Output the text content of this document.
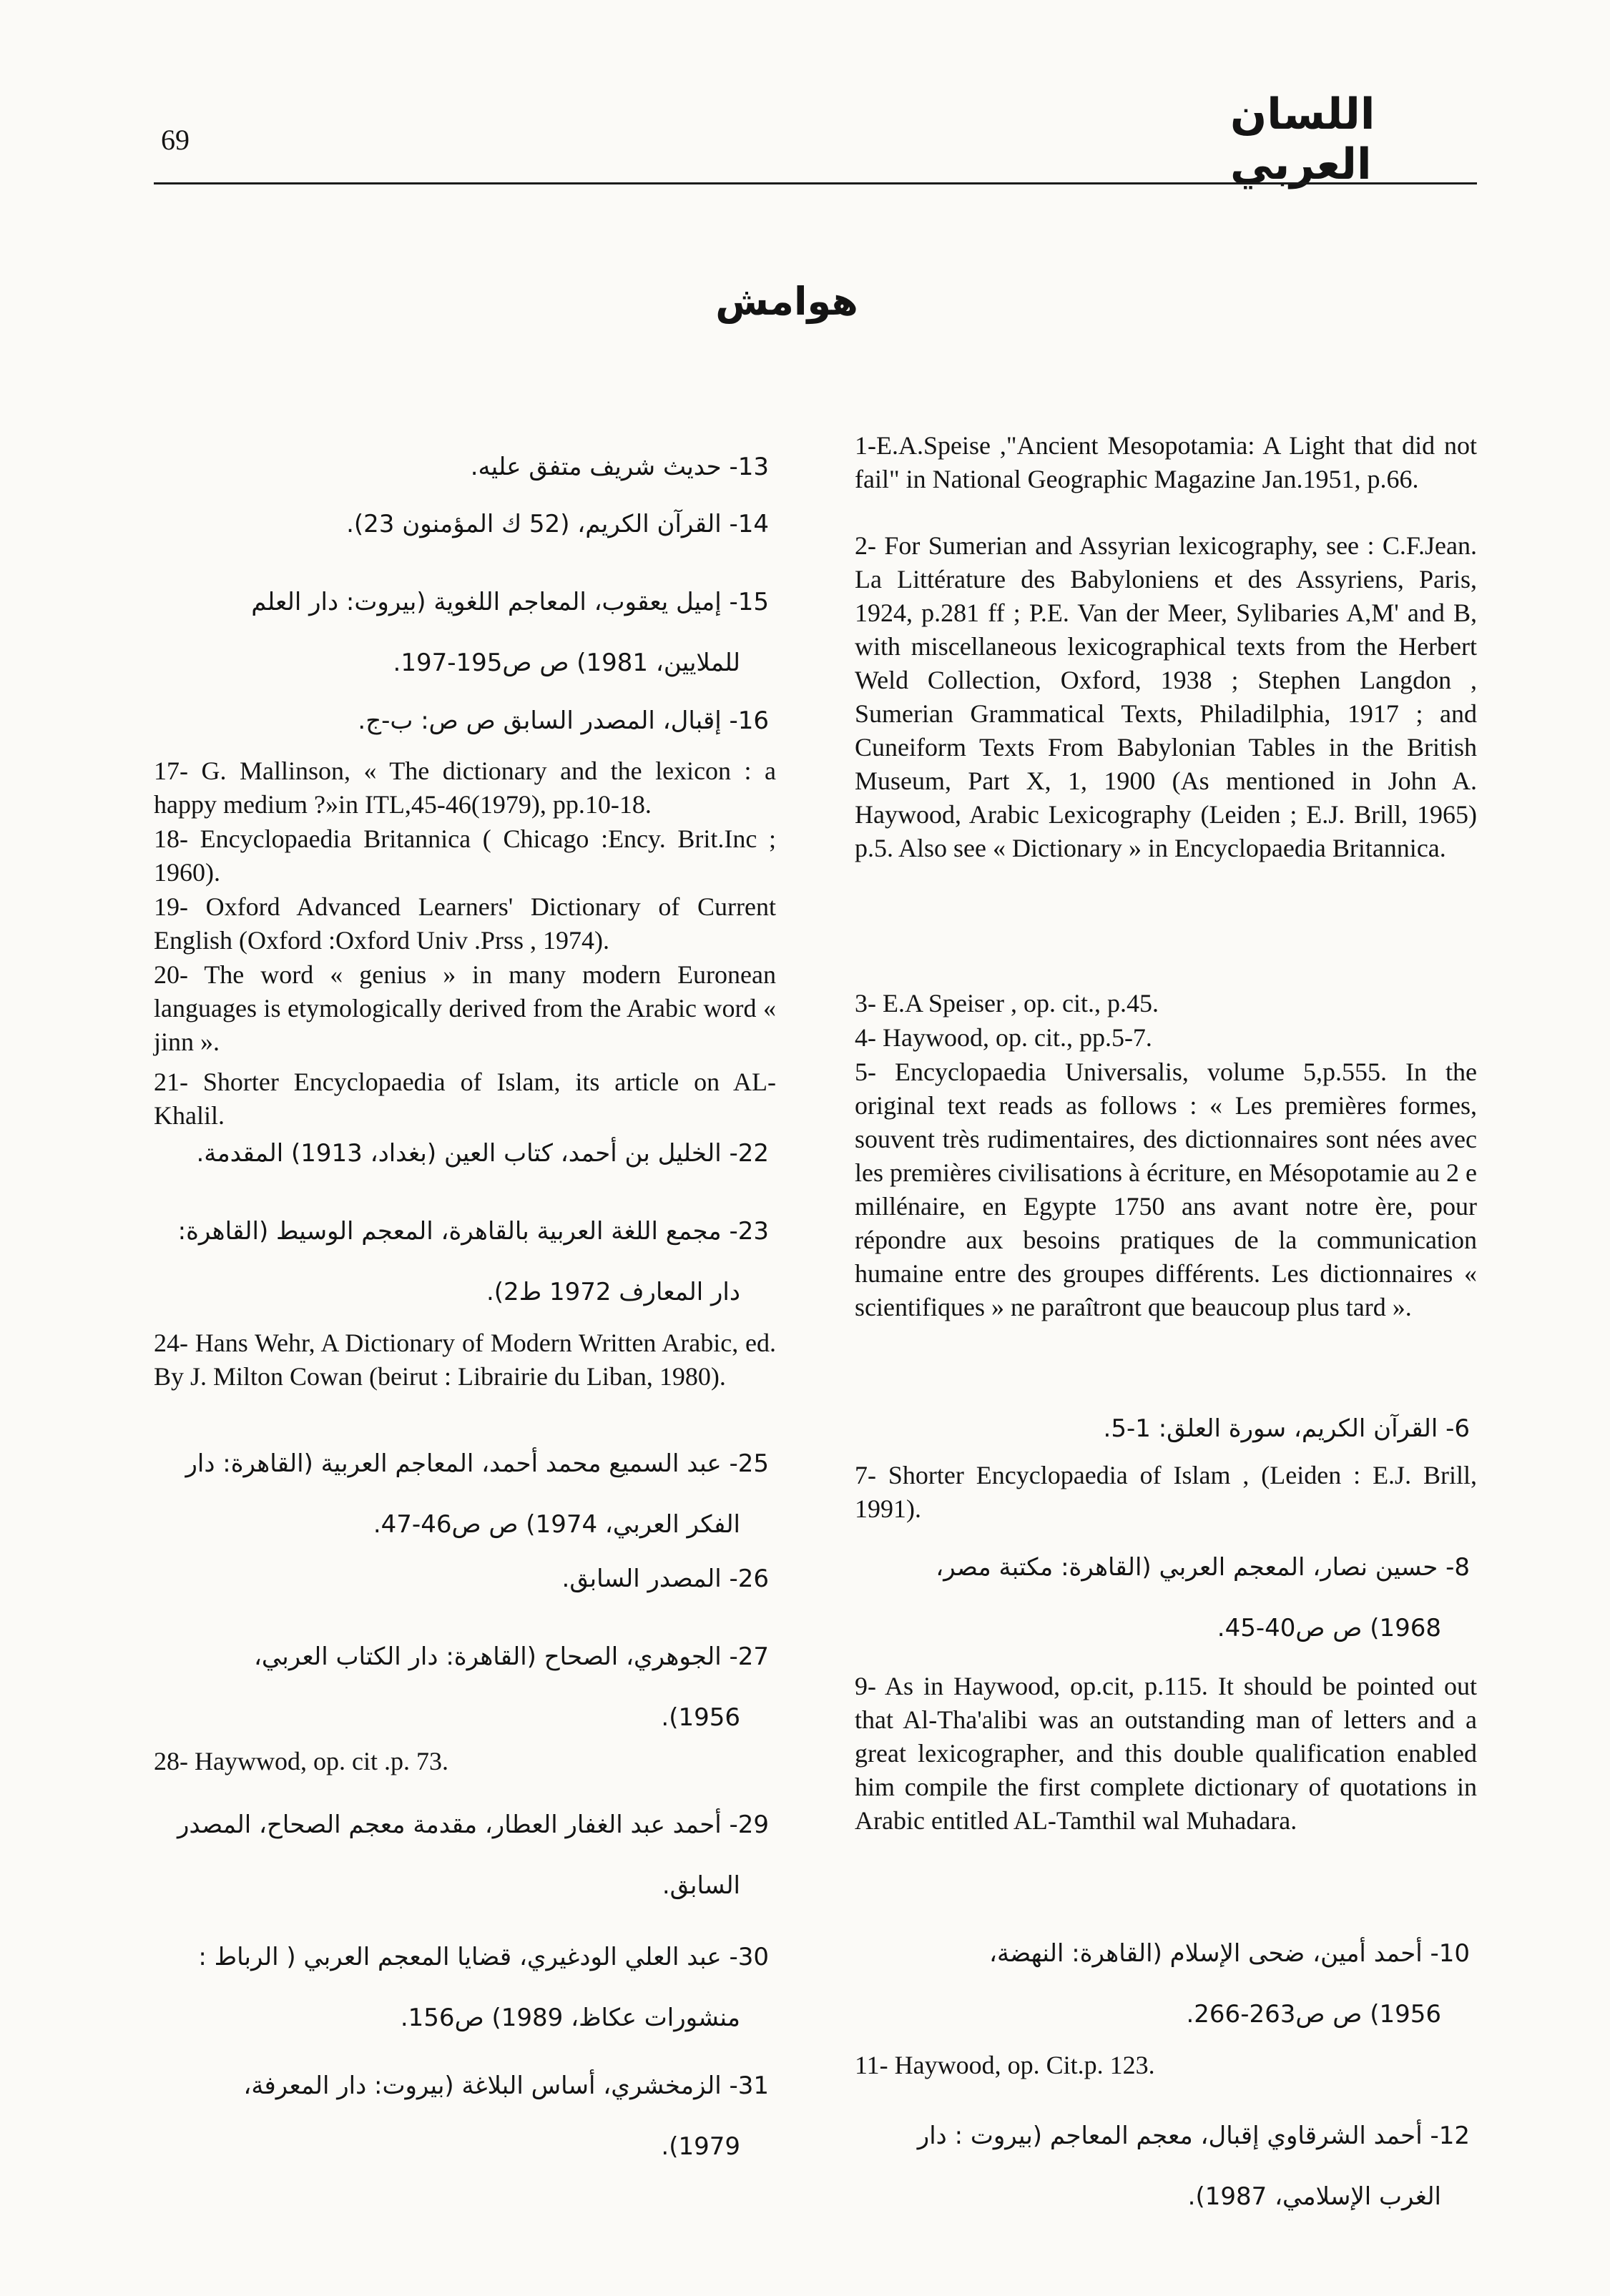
69
اللسان العربي
هوامش
1-E.A.Speise ,"Ancient Mesopotamia: A Light that did not fail" in National Geographic Magazine Jan.1951, p.66.
2- For Sumerian and Assyrian lexicography, see : C.F.Jean. La Littérature des Babyloniens et des Assyriens, Paris, 1924, p.281 ff ; P.E. Van der Meer, Sylibaries A,M' and B, with miscellaneous lexicographical texts from the Herbert Weld Collection, Oxford, 1938 ; Stephen Langdon , Sumerian Grammatical Texts, Philadilphia, 1917 ; and Cuneiform Texts From Babylonian Tables in the British Museum, Part X, 1, 1900 (As mentioned in John A. Haywood, Arabic Lexicography (Leiden ; E.J. Brill, 1965) p.5. Also see « Dictionary » in Encyclopaedia Britannica.
3- E.A Speiser , op. cit., p.45.
4- Haywood, op. cit., pp.5-7.
5- Encyclopaedia Universalis, volume 5,p.555. In the original text reads as follows : « Les premières formes, souvent très rudimentaires, des dictionnaires sont nées avec les premières civilisations à écriture, en Mésopotamie au 2 e millénaire, en Egypte 1750 ans avant notre ère, pour répondre aux besoins pratiques de la communication humaine entre des groupes différents. Les dictionnaires « scientifiques » ne paraîtront que beaucoup plus tard ».
6- القرآن الكريم، سورة العلق: 1-5.
7- Shorter Encyclopaedia of Islam , (Leiden : E.J. Brill, 1991).
8- حسين نصار، المعجم العربي (القاهرة: مكتبة مصر،
1968) ص ص40-45.
9- As in Haywood, op.cit, p.115. It should be pointed out that Al-Tha'alibi was an outstanding man of letters and a great lexicographer, and this double qualification enabled him compile the first complete dictionary of quotations in Arabic entitled AL-Tamthil wal Muhadara.
10- أحمد أمين، ضحى الإسلام (القاهرة: النهضة،
1956) ص ص263-266.
11- Haywood, op. Cit.p. 123.
12- أحمد الشرقاوي إقبال، معجم المعاجم (بيروت : دار
الغرب الإسلامي، 1987).
13- حديث شريف متفق عليه.
14- القرآن الكريم، (52 ك المؤمنون 23).
15- إميل يعقوب، المعاجم اللغوية (بيروت: دار العلم
للملايين، 1981) ص ص195-197.
16- إقبال، المصدر السابق ص ص: ب-ج.
17- G. Mallinson, « The dictionary and the lexicon : a happy medium ?»in ITL,45-46(1979), pp.10-18.
18- Encyclopaedia Britannica ( Chicago :Ency. Brit.Inc ; 1960).
19- Oxford Advanced Learners' Dictionary of Current English (Oxford :Oxford Univ .Prss , 1974).
20- The word « genius » in many modern Euronean languages is etymologically derived from the Arabic word « jinn ».
21- Shorter Encyclopaedia of Islam, its article on AL-Khalil.
22- الخليل بن أحمد، كتاب العين (بغداد، 1913) المقدمة.
23- مجمع اللغة العربية بالقاهرة، المعجم الوسيط (القاهرة:
دار المعارف 1972 ط2).
24- Hans Wehr, A Dictionary of Modern Written Arabic, ed. By J. Milton Cowan (beirut : Librairie du Liban, 1980).
25- عبد السميع محمد أحمد، المعاجم العربية (القاهرة: دار
الفكر العربي، 1974) ص ص46-47.
26- المصدر السابق.
27- الجوهري، الصحاح (القاهرة: دار الكتاب العربي،
1956).
28- Haywwod, op. cit .p. 73.
29- أحمد عبد الغفار العطار، مقدمة معجم الصحاح، المصدر
السابق.
30- عبد العلي الودغيري، قضايا المعجم العربي ( الرباط :
منشورات عكاظ، 1989) ص156.
31- الزمخشري، أساس البلاغة (بيروت: دار المعرفة،
1979).
